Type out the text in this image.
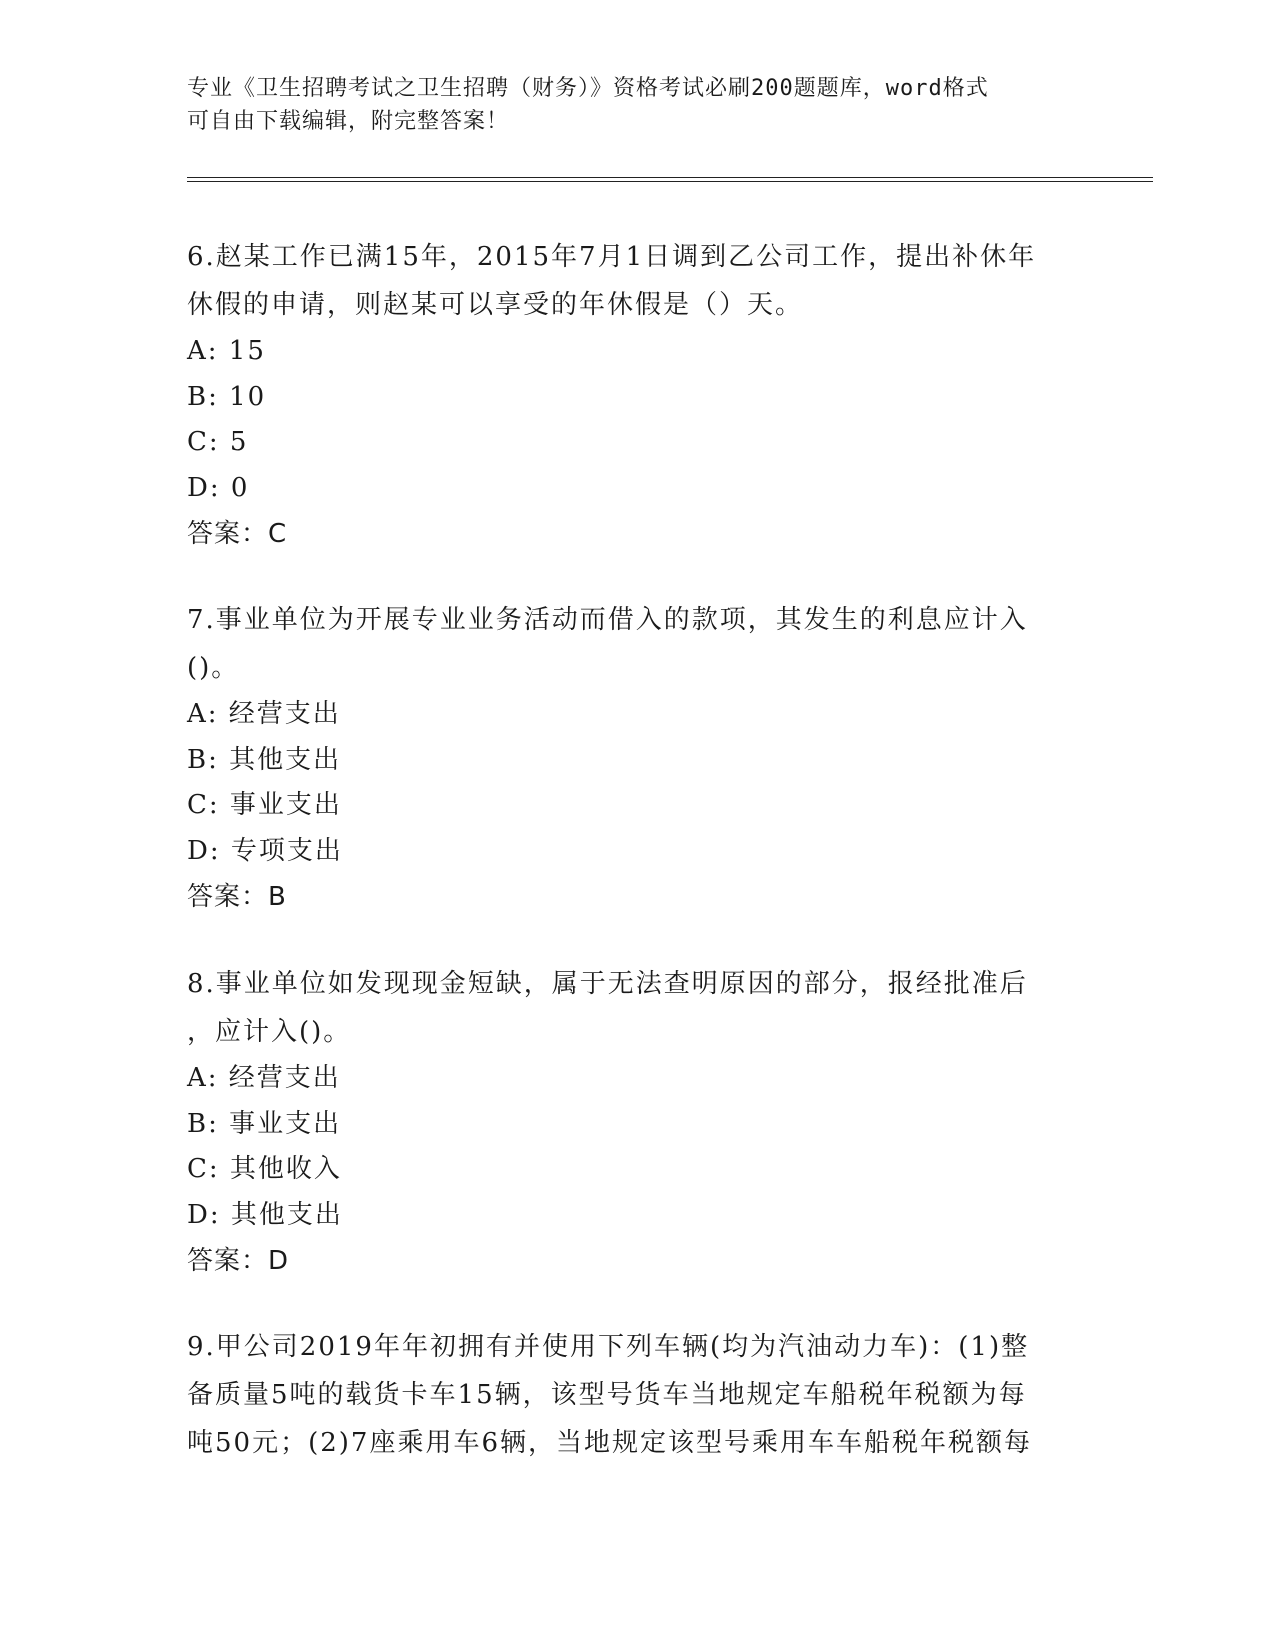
专业《卫生招聘考试之卫生招聘（财务）》资格考试必刷200题题库，word格式
可自由下载编辑，附完整答案！
6.赵某工作已满15年，2015年7月1日调到乙公司工作，提出补休年
休假的申请，则赵某可以享受的年休假是（）天。
A: 15
B: 10
C: 5
D: 0
答案：C
7.事业单位为开展专业业务活动而借入的款项，其发生的利息应计入
()。
A: 经营支出
B: 其他支出
C: 事业支出
D: 专项支出
答案：B
8.事业单位如发现现金短缺，属于无法查明原因的部分，报经批准后
，应计入()。
A: 经营支出
B: 事业支出
C: 其他收入
D: 其他支出
答案：D
9.甲公司2019年年初拥有并使用下列车辆(均为汽油动力车)：(1)整
备质量5吨的载货卡车15辆，该型号货车当地规定车船税年税额为每
吨50元；(2)7座乘用车6辆，当地规定该型号乘用车车船税年税额每
